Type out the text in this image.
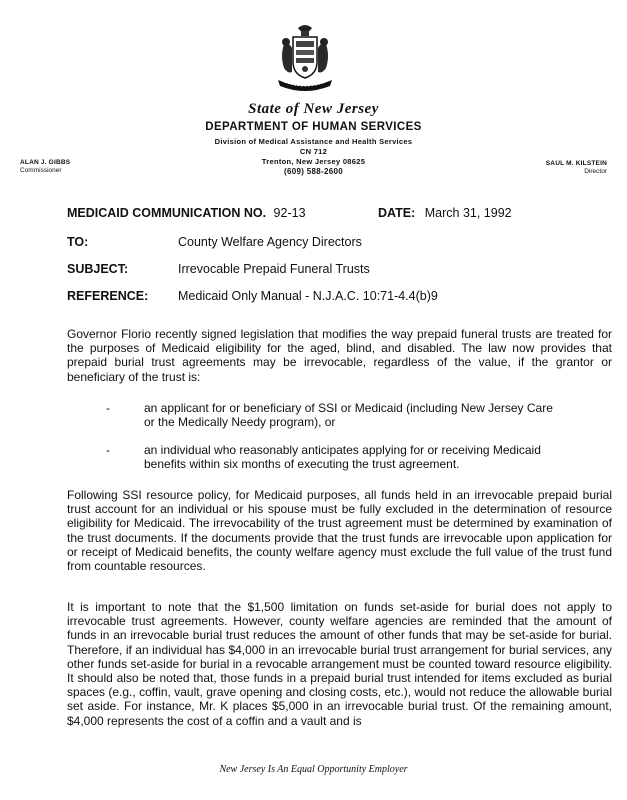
State of New Jersey
DEPARTMENT OF HUMAN SERVICES
Division of Medical Assistance and Health Services
CN 712
Trenton, New Jersey 08625
(609) 588-2600
ALAN J. GIBBS
Commissioner
SAUL M. KILSTEIN
Director
MEDICAID COMMUNICATION NO. 92-13	DATE: March 31, 1992
TO:	County Welfare Agency Directors
SUBJECT:	Irrevocable Prepaid Funeral Trusts
REFERENCE: Medicaid Only Manual - N.J.A.C. 10:71-4.4(b)9
Governor Florio recently signed legislation that modifies the way prepaid funeral trusts are treated for the purposes of Medicaid eligibility for the aged, blind, and disabled. The law now provides that prepaid burial trust agreements may be irrevocable, regardless of the value, if the grantor or beneficiary of the trust is:
-	an applicant for or beneficiary of SSI or Medicaid (including New Jersey Care or the Medically Needy program), or
-	an individual who reasonably anticipates applying for or receiving Medicaid benefits within six months of executing the trust agreement.
Following SSI resource policy, for Medicaid purposes, all funds held in an irrevocable prepaid burial trust account for an individual or his spouse must be fully excluded in the determination of resource eligibility for Medicaid. The irrevocability of the trust agreement must be determined by examination of the trust documents. If the documents provide that the trust funds are irrevocable upon application for or receipt of Medicaid benefits, the county welfare agency must exclude the full value of the trust fund from countable resources.
It is important to note that the $1,500 limitation on funds set-aside for burial does not apply to irrevocable trust agreements. However, county welfare agencies are reminded that the amount of funds in an irrevocable burial trust reduces the amount of other funds that may be set-aside for burial. Therefore, if an individual has $4,000 in an irrevocable burial trust arrangement for burial services, any other funds set-aside for burial in a revocable arrangement must be counted toward resource eligibility. It should also be noted that, those funds in a prepaid burial trust intended for items excluded as burial spaces (e.g., coffin, vault, grave opening and closing costs, etc.), would not reduce the allowable burial set aside. For instance, Mr. K places $5,000 in an irrevocable burial trust. Of the remaining amount, $4,000 represents the cost of a coffin and a vault and is
New Jersey Is An Equal Opportunity Employer
